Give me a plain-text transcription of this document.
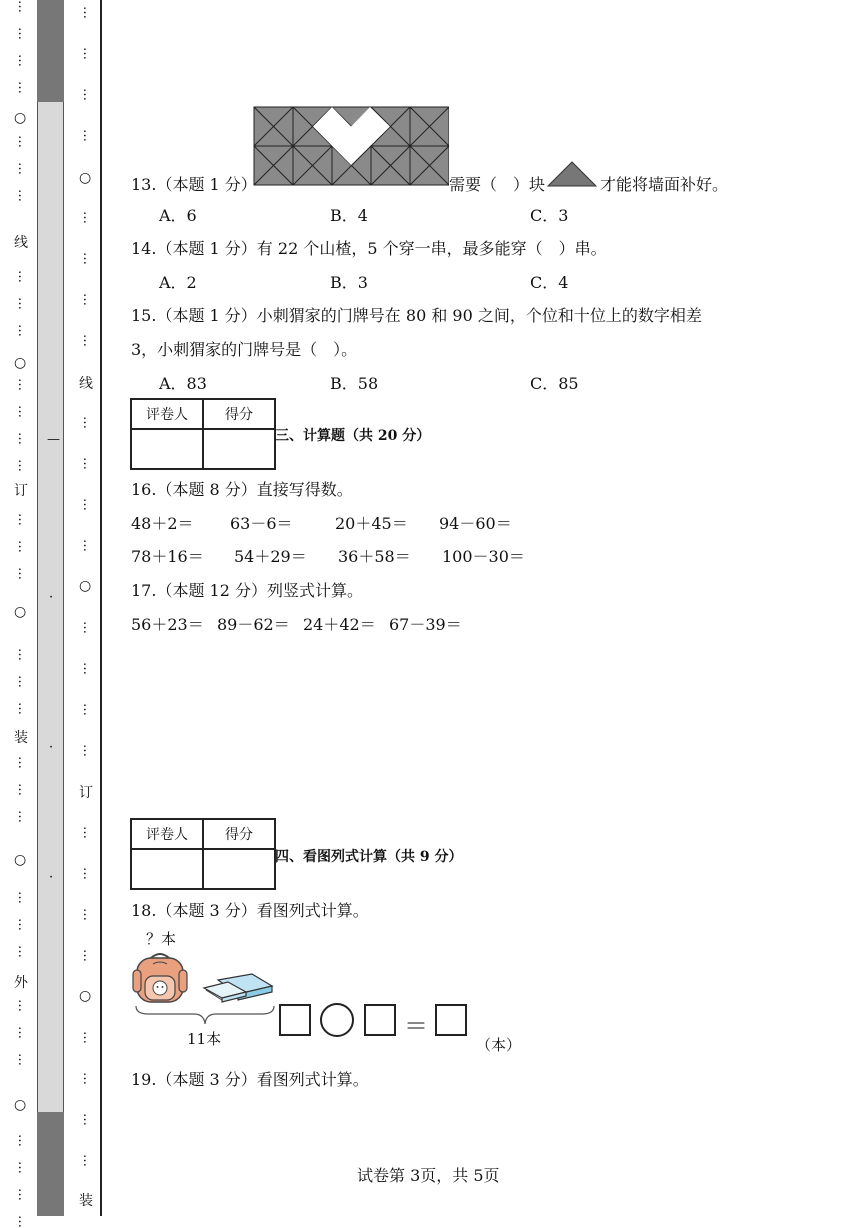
…
…
…
…
…
…
…
…
…
…
…
…
…
…
…
…
…
…
…
…
…
…
…
…
…
…
…
…
…
…
…
…
…
○
线
○
订
○
装
○
外
○
…
…
…
…
…
…
…
…
…
…
…
…
…
…
…
…
…
…
…
…
…
…
…
…
○
线
○
订
○
装
—
·
·
·
13.（本题 1 分）	需要（　）块	才能将墙面补好。
A．6	B．4	C．3
14.（本题 1 分）有 22 个山楂，5 个穿一串，最多能穿（　）串。
A．2	B．3	C．4
15.（本题 1 分）小刺猬家的门牌号在 80 和 90 之间，个位和十位上的数字相差
3，小刺猬家的门牌号是（　）。
A．83	B．58	C．85
评卷人	得分

三、计算题（共 20 分）
16.（本题 8 分）直接写得数。
48＋2＝ 63－6＝	20＋45＝ 94－60＝
78＋16＝ 54＋29＝ 36＋58＝ 100－30＝
17.（本题 12 分）列竖式计算。
56＋23＝ 89－62＝ 24＋42＝ 67－39＝
评卷人	得分

四、看图列式计算（共 9 分）
18.（本题 3 分）看图列式计算。
？本
11本	＝
（本）
19.（本题 3 分）看图列式计算。
试卷第 3页，共 5页
